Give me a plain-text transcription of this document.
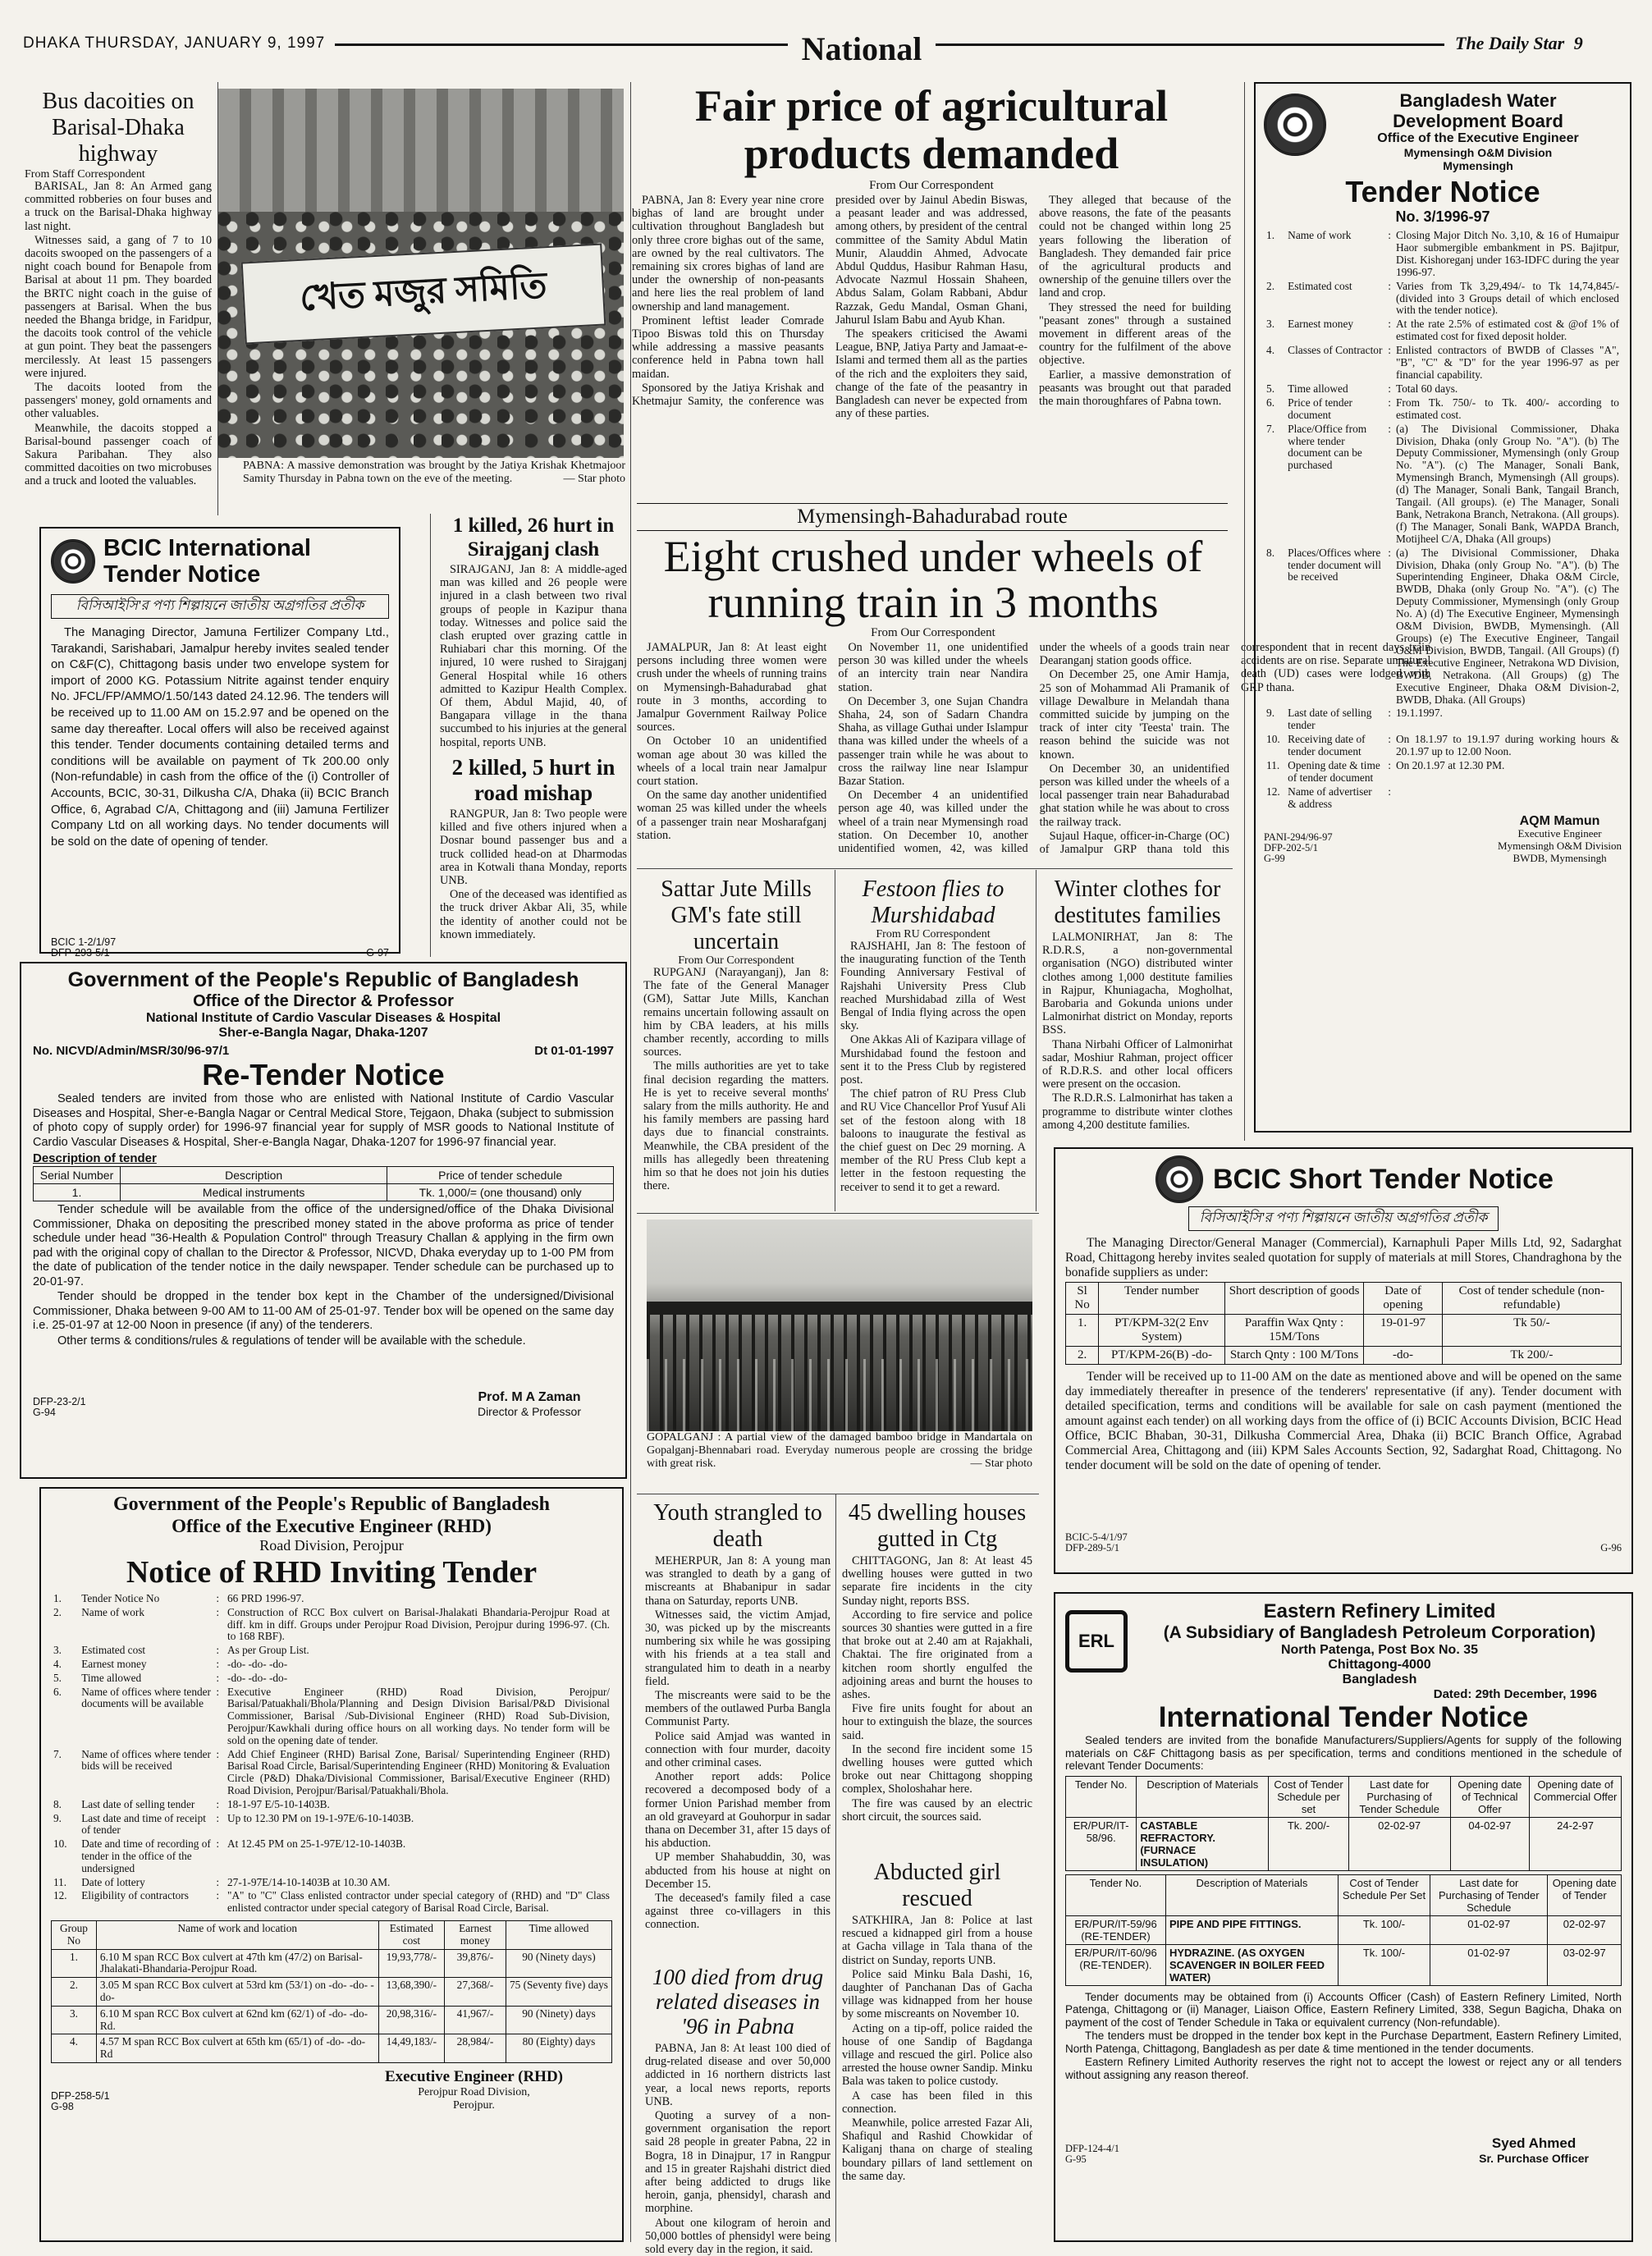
DHAKA THURSDAY, JANUARY 9, 1997	National	The Daily Star 9
Bus dacoities on Barisal-Dhaka highway
From Staff Correspondent

BARISAL, Jan 8: An Armed gang committed robberies on four buses and a truck on the Barisal-Dhaka highway last night.

Witnesses said, a gang of 7 to 10 dacoits swooped on the passengers of a night coach bound for Benapole from Barisal at about 11 pm. They boarded the BRTC night coach in the guise of passengers at Barisal. When the bus needed the Bhanga bridge, in Faridpur, the dacoits took control of the vehicle at gun point. They beat the passengers mercilessly. At least 15 passengers were injured.

The dacoits looted from the passengers' money, gold ornaments and other valuables.

Meanwhile, the dacoits stopped a Barisal-bound passenger coach of Sakura Paribahan. They also committed dacoities on two microbuses and a truck and looted the valuables.

খেত মজুর সমিতি
PABNA: A massive demonstration was brought by the Jatiya Krishak Khetmajoor Samity Thursday in Pabna town on the eve of the meeting.	— Star photo
Fair price of agricultural products demanded
From Our Correspondent

PABNA, Jan 8: Every year nine crore bighas of land are brought under cultivation throughout Bangladesh but only three crore bighas out of the same, are owned by the real cultivators. The remaining six crores bighas of land are under the ownership of non-peasants and here lies the real problem of land ownership and land management.

Prominent leftist leader Comrade Tipoo Biswas told this on Thursday while addressing a massive peasants conference held in Pabna town hall maidan.

Sponsored by the Jatiya Krishak and Khetmajur Samity, the conference was presided over by Jainul Abedin Biswas, a peasant leader and was addressed, among others, by president of the central committee of the Samity Abdul Matin Munir, Alauddin Ahmed, Advocate Abdul Quddus, Hasibur Rahman Hasu, Advocate Nazmul Hossain Shaheen, Abdus Salam, Golam Rabbani, Abdur Razzak, Gedu Mandal, Osman Ghani, Jahurul Islam Babu and Ayub Khan.

The speakers criticised the Awami League, BNP, Jatiya Party and Jamaat-e-Islami and termed them all as the parties of the rich and the exploiters they said, change of the fate of the peasantry in Bangladesh can never be expected from any of these parties.

They alleged that because of the above reasons, the fate of the peasants could not be changed within long 25 years following the liberation of Bangladesh. They demanded fair price of the agricultural products and ownership of the genuine tillers over the land and crop.

They stressed the need for building "peasant zones" through a sustained movement in different areas of the country for the fulfilment of the above objective.

Earlier, a massive demonstration of peasants was brought out that paraded the main thoroughfares of Pabna town.

BCIC International Tender Notice
বিসিআইসি'র পণ্য শিল্পায়নে জাতীয় অগ্রগতির প্রতীক
The Managing Director, Jamuna Fertilizer Company Ltd., Tarakandi, Sarishabari, Jamalpur hereby invites sealed tender on C&F(C), Chittagong basis under two envelope system for import of 2000 KG. Potassium Nitrite against tender enquiry No. JFCL/FP/AMMO/1.50/143 dated 24.12.96. The tenders will be received up to 11.00 AM on 15.2.97 and be opened on the same day thereafter. Local offers will also be received against this tender. Tender documents containing detailed terms and conditions will be available on payment of Tk 200.00 only (Non-refundable) in cash from the office of the (i) Controller of Accounts, BCIC, 30-31, Dilkusha C/A, Dhaka (ii) BCIC Branch Office, 6, Agrabad C/A, Chittagong and (iii) Jamuna Fertilizer Company Ltd on all working days. No tender documents will be sold on the date of opening of tender.
BCIC 1-2/1/97
DFP-293-5/1	G-97
1 killed, 26 hurt in Sirajganj clash

SIRAJGANJ, Jan 8: A middle-aged man was killed and 26 people were injured in a clash between two rival groups of people in Kazipur thana today. Witnesses and police said the clash erupted over grazing cattle in Ruhiabari char this morning. Of the injured, 10 were rushed to Sirajganj General Hospital while 16 others admitted to Kazipur Health Complex. Of them, Abdul Majid, 40, of Bangapara village in the thana succumbed to his injuries at the general hospital, reports UNB.

2 killed, 5 hurt in road mishap

RANGPUR, Jan 8: Two people were killed and five others injured when a Dosnar bound passenger bus and a truck collided head-on at Dharmodas area in Kotwali thana Monday, reports UNB.

One of the deceased was identified as the truck driver Akbar Ali, 35, while the identity of another could not be known immediately.

Mymensingh-Bahadurabad route
Eight crushed under wheels of running train in 3 months
From Our Correspondent

JAMALPUR, Jan 8: At least eight persons including three women were crush under the wheels of running trains on Mymensingh-Bahadurabad ghat route in 3 months, according to Jamalpur Government Railway Police sources.

On October 10 an unidentified woman age about 30 was killed the wheels of a local train near Jamalpur court station.

On the same day another unidentified woman 25 was killed under the wheels of a passenger train near Mosharafganj station.

On November 11, one unidentified person 30 was killed under the wheels of an intercity train near Nandira station.

On December 3, one Sujan Chandra Shaha, 24, son of Sadarn Chandra Shaha, as village Guthai under Islampur thana was killed under the wheels of a passenger train while he was about to cross the railway line near Islampur Bazar Station.

On December 4 an unidentified person age 40, was killed under the wheel of a train near Mymensingh road station. On December 10, another unidentified women, 42, was killed under the wheels of a goods train near Dearanganj station goods office.

On December 25, one Amir Hamja, 25 son of Mohammad Ali Pramanik of village Dewalbure in Melandah thana committed suicide by jumping on the track of inter city 'Teesta' train. The reason behind the suicide was not known.

On December 30, an unidentified person was killed under the wheels of a local passenger train near Bahadurabad ghat station while he was about to cross the railway track.

Sujaul Haque, officer-in-Charge (OC) of Jamalpur GRP thana told this correspondent that in recent days train accidents are on rise. Separate unnatural death (UD) cases were lodged with GRP thana.

Sattar Jute Mills GM's fate still uncertain
From Our Correspondent

RUPGANJ (Narayanganj), Jan 8: The fate of the General Manager (GM), Sattar Jute Mills, Kanchan remains uncertain following assault on him by CBA leaders, at his mills chamber recently, according to mills sources.

The mills authorities are yet to take final decision regarding the matters. He is yet to receive several months' salary from the mills authority. He and his family members are passing hard days due to financial constraints. Meanwhile, the CBA president of the mills has allegedly been threatening him so that he does not join his duties there.

Festoon flies to Murshidabad
From RU Correspondent

RAJSHAHI, Jan 8: The festoon of the inaugurating function of the Tenth Founding Anniversary Festival of Rajshahi University Press Club reached Murshidabad zilla of West Bengal of India flying across the open sky.

One Akkas Ali of Kazipara village of Murshidabad found the festoon and sent it to the Press Club by registered post.

The chief patron of RU Press Club and RU Vice Chancellor Prof Yusuf Ali set of the festoon along with 18 baloons to inaugurate the festival as the chief guest on Dec 29 morning. A member of the RU Press Club kept a letter in the festoon requesting the receiver to send it to get a reward.

Winter clothes for destitutes families

LALMONIRHAT, Jan 8: The R.D.R.S, a non-governmental organisation (NGO) distributed winter clothes among 1,000 destitute families in Rajpur, Khuniagacha, Mogholhat, Barobaria and Gokunda unions under Lalmonirhat district on Monday, reports BSS.

Thana Nirbahi Officer of Lalmonirhat sadar, Moshiur Rahman, project officer of R.D.R.S. and other local officers were present on the occasion.

The R.D.R.S. Lalmonirhat has taken a programme to distribute winter clothes among 4,200 destitute families.

GOPALGANJ : A partial view of the damaged bamboo bridge in Mandartala on Gopalganj-Bhennabari road. Everyday numerous people are crossing the bridge with great risk.	— Star photo
Government of the People's Republic of Bangladesh
Office of the Director & Professor
National Institute of Cardio Vascular Diseases & Hospital
Sher-e-Bangla Nagar, Dhaka-1207
No. NICVD/Admin/MSR/30/96-97/1	Dt 01-01-1997
Re-Tender Notice
Sealed tenders are invited from those who are enlisted with National Institute of Cardio Vascular Diseases and Hospital, Sher-e-Bangla Nagar or Central Medical Store, Tejgaon, Dhaka (subject to submission of photo copy of supply order) for 1996-97 financial year for supply of MSR goods to National Institute of Cardio Vascular Diseases & Hospital, Sher-e-Bangla Nagar, Dhaka-1207 for 1996-97 financial year.
Description of tender
Serial Number	Description	Price of tender schedule
1.	Medical instruments	Tk. 1,000/= (one thousand) only

Tender schedule will be available from the office of the undersigned/office of the Dhaka Divisional Commissioner, Dhaka on depositing the prescribed money stated in the above proforma as price of tender schedule under head "36-Health & Population Control" through Treasury Challan & applying in the firm own pad with the original copy of challan to the Director & Professor, NICVD, Dhaka everyday up to 1-00 PM from the date of publication of the tender notice in the daily newspaper. Tender schedule can be purchased up to 20-01-97.

Tender should be dropped in the tender box kept in the Chamber of the undersigned/Divisional Commissioner, Dhaka between 9-00 AM to 11-00 AM of 25-01-97. Tender box will be opened on the same day i.e. 25-01-97 at 12-00 Noon in presence (if any) of the tenderers.

Other terms & conditions/rules & regulations of tender will be available with the schedule.

DFP-23-2/1
G-94
Prof. M A Zaman
Director & Professor
Government of the People's Republic of Bangladesh
Office of the Executive Engineer (RHD)
Road Division, Perojpur
Notice of RHD Inviting Tender
1.	Tender Notice No	:	66 PRD 1996-97.
2.	Name of work	:	Construction of RCC Box culvert on Barisal-Jhalakati Bhandaria-Perojpur Road at diff. km in diff. Groups under Perojpur Road Division, Perojpur during 1996-97. (Ch. to 168 RBF).
3.	Estimated cost	:	As per Group List.
4.	Earnest money	:	-do- -do- -do-
5.	Time allowed	:	-do- -do- -do-
6.	Name of offices where tender documents will be available	:	Executive Engineer (RHD) Road Division, Perojpur/ Barisal/Patuakhali/Bhola/Planning and Design Division Barisal/P&D Divisional Commissioner, Barisal /Sub-Divisional Engineer (RHD) Road Sub-Division, Perojpur/Kawkhali during office hours on all working days. No tender form will be sold on the opening date of tender.
7.	Name of offices where tender bids will be received	:	Add Chief Engineer (RHD) Barisal Zone, Barisal/ Superintending Engineer (RHD) Barisal Road Circle, Barisal/Superintending Engineer (RHD) Monitoring & Evaluation Circle (P&D) Dhaka/Divisional Commissioner, Barisal/Executive Engineer (RHD) Road Division, Perojpur/Barisal/Patuakhali/Bhola.
8.	Last date of selling tender	:	18-1-97 E/5-10-1403B.
9.	Last date and time of receipt of tender	:	Up to 12.30 PM on 19-1-97E/6-10-1403B.
10.	Date and time of recording of tender in the office of the undersigned	:	At 12.45 PM on 25-1-97E/12-10-1403B.
11.	Date of lottery	:	27-1-97E/14-10-1403B at 10.30 AM.
12.	Eligibility of contractors	:	"A" to "C" Class enlisted contractor under special category of (RHD) and "D" Class enlisted contractor under special category of Barisal Road Circle, Barisal.
Group No	Name of work and location	Estimated cost	Earnest money	Time allowed
1.	6.10 M span RCC Box culvert at 47th km (47/2) on Barisal-Jhalakati-Bhandaria-Perojpur Road.	19,93,778/-	39,876/-	90 (Ninety days)
2.	3.05 M span RCC Box culvert at 53rd km (53/1) on -do- -do- -do-	13,68,390/-	27,368/-	75 (Seventy five) days
3.	6.10 M span RCC Box culvert at 62nd km (62/1) of -do- -do- Rd.	20,98,316/-	41,967/-	90 (Ninety) days
4.	4.57 M span RCC Box culvert at 65th km (65/1) of -do- -do- Rd	14,49,183/-	28,984/-	80 (Eighty) days
DFP-258-5/1
G-98
Executive Engineer (RHD)
Perojpur Road Division,
Perojpur.
Youth strangled to death

MEHERPUR, Jan 8: A young man was strangled to death by a gang of miscreants at Bhabanipur in sadar thana on Saturday, reports UNB.

Witnesses said, the victim Amjad, 30, was picked up by the miscreants numbering six while he was gossiping with his friends at a tea stall and strangulated him to death in a nearby field.

The miscreants were said to be the members of the outlawed Purba Bangla Communist Party.

Police said Amjad was wanted in connection with four murder, dacoity and other criminal cases.

Another report adds: Police recovered a decomposed body of a former Union Parishad member from an old graveyard at Gouhorpur in sadar thana on December 31, after 15 days of his abduction.

UP member Shahabuddin, 30, was abducted from his house at night on December 15.

The deceased's family filed a case against three co-villagers in this connection.

100 died from drug related diseases in '96 in Pabna

PABNA, Jan 8: At least 100 died of drug-related disease and over 50,000 addicted in 16 northern districts last year, a local news reports, reports UNB.

Quoting a survey of a non-government organisation the report said 28 people in greater Pabna, 22 in Bogra, 18 in Dinajpur, 17 in Rangpur and 15 in greater Rajshahi district died after being addicted to drugs like heroin, ganja, phensidyl, charash and morphine.

About one kilogram of heroin and 50,000 bottles of phensidyl were being sold every day in the region, it said.

45 dwelling houses gutted in Ctg

CHITTAGONG, Jan 8: At least 45 dwelling houses were gutted in two separate fire incidents in the city Sunday night, reports BSS.

According to fire service and police sources 30 shanties were gutted in a fire that broke out at 2.40 am at Rajakhali, Chaktai. The fire originated from a kitchen room shortly engulfed the adjoining areas and burnt the houses to ashes.

Five fire units fought for about an hour to extinguish the blaze, the sources said.

In the second fire incident some 15 dwelling houses were gutted which broke out near Chittagong shopping complex, Sholoshahar here.

The fire was caused by an electric short circuit, the sources said.

Abducted girl rescued

SATKHIRA, Jan 8: Police at last rescued a kidnapped girl from a house at Gacha village in Tala thana of the district on Sunday, reports UNB.

Police said Minku Bala Dashi, 16, daughter of Panchanan Das of Gacha village was kidnapped from her house by some miscreants on November 10.

Acting on a tip-off, police raided the house of one Sandip of Bagdanga village and rescued the girl. Police also arrested the house owner Sandip. Minku Bala was taken to police custody.

A case has been filed in this connection.

Meanwhile, police arrested Fazar Ali, Shafiqul and Rashid Chowkidar of Kaliganj thana on charge of stealing boundary pillars of land settlement on the same day.

Bangladesh Water
Development Board
Office of the Executive Engineer
Mymensingh O&M Division
Mymensingh
Tender Notice
No. 3/1996-97
1.	Name of work	:	Closing Major Ditch No. 3,10, & 16 of Humaipur Haor submergible embankment in PS. Bajitpur, Dist. Kishoreganj under 163-IDFC during the year 1996-97.
2.	Estimated cost	:	Varies from Tk 3,29,494/- to Tk 14,74,845/- (divided into 3 Groups detail of which enclosed with the tender notice).
3.	Earnest money	:	At the rate 2.5% of estimated cost & @of 1% of estimated cost for fixed deposit holder.
4.	Classes of Contractor	:	Enlisted contractors of BWDB of Classes "A", "B", "C" & "D" for the year 1996-97 as per financial capability.
5.	Time allowed	:	Total 60 days.
6.	Price of tender document	:	From Tk. 750/- to Tk. 400/- according to estimated cost.
7.	Place/Office from where tender document can be purchased	:	(a) The Divisional Commissioner, Dhaka Division, Dhaka (only Group No. "A"). (b) The Deputy Commissioner, Mymensingh (only Group No. "A"). (c) The Manager, Sonali Bank, Mymensingh Branch, Mymensingh (All groups). (d) The Manager, Sonali Bank, Tangail Branch, Tangail. (All groups). (e) The Manager, Sonali Bank, Netrakona Branch, Netrakona. (All groups). (f) The Manager, Sonali Bank, WAPDA Branch, Motijheel C/A, Dhaka (All groups)
8.	Places/Offices where tender document will be received	:	(a) The Divisional Commissioner, Dhaka Division, Dhaka (only Group No. "A"). (b) The Superintending Engineer, Dhaka O&M Circle, BWDB, Dhaka (only Group No. "A"). (c) The Deputy Commissioner, Mymensingh (only Group No. A) (d) The Executive Engineer, Mymensingh O&M Division, BWDB, Mymensingh. (All Groups) (e) The Executive Engineer, Tangail O&M Division, BWDB, Tangail. (All Groups) (f) The Executive Engineer, Netrakona WD Division, BWDB, Netrakona. (All Groups) (g) The Executive Engineer, Dhaka O&M Division-2, BWDB, Dhaka. (All Groups)
9.	Last date of selling tender	:	19.1.1997.
10.	Receiving date of tender document	:	On 18.1.97 to 19.1.97 during working hours & 20.1.97 up to 12.00 Noon.
11.	Opening date & time of tender document	:	On 20.1.97 at 12.30 PM.
12.	Name of advertiser & address	:	
PANI-294/96-97
DFP-202-5/1
G-99
AQM Mamun
Executive Engineer
Mymensingh O&M Division
BWDB, Mymensingh
BCIC Short Tender Notice
বিসিআইসি'র পণ্য শিল্পায়নে জাতীয় অগ্রগতির প্রতীক
The Managing Director/General Manager (Commercial), Karnaphuli Paper Mills Ltd, 92, Sadarghat Road, Chittagong hereby invites sealed quotation for supply of materials at mill Stores, Chandraghona by the bonafide suppliers as under:
Sl No	Tender number	Short description of goods	Date of opening	Cost of tender schedule (non-refundable)
1.	PT/KPM-32(2 Env System)	Paraffin Wax Qnty : 15M/Tons	19-01-97	Tk 50/-
2.	PT/KPM-26(B) -do-	Starch Qnty : 100 M/Tons	-do-	Tk 200/-
Tender will be received up to 11-00 AM on the date as mentioned above and will be opened on the same day immediately thereafter in presence of the tenderers' representative (if any). Tender document with detailed specification, terms and conditions will be available for sale on cash payment (mentioned the amount against each tender) on all working days from the office of (i) BCIC Accounts Division, BCIC Head Office, BCIC Bhaban, 30-31, Dilkusha Commercial Area, Dhaka (ii) BCIC Branch Office, Agrabad Commercial Area, Chittagong and (iii) KPM Sales Accounts Section, 92, Sadarghat Road, Chittagong. No tender document will be sold on the date of opening of tender.
BCIC-5-4/1/97
DFP-289-5/1	G-96
ERL
Eastern Refinery Limited
(A Subsidiary of Bangladesh Petroleum Corporation)
North Patenga, Post Box No. 35
Chittagong-4000
Bangladesh
Dated: 29th December, 1996
International Tender Notice
Sealed tenders are invited from the bonafide Manufacturers/Suppliers/Agents for supply of the following materials on C&F Chittagong basis as per specification, terms and conditions mentioned in the schedule of relevant Tender Documents:
Tender No.	Description of Materials	Cost of Tender Schedule per set	Last date for Purchasing of Tender Schedule	Opening date of Technical Offer	Opening date of Commercial Offer
ER/PUR/IT-58/96.	CASTABLE REFRACTORY. (FURNACE INSULATION)	Tk. 200/-	02-02-97	04-02-97	24-2-97
Tender No.	Description of Materials	Cost of Tender Schedule Per Set	Last date for Purchasing of Tender Schedule	Opening date of Tender
ER/PUR/IT-59/96 (RE-TENDER)	PIPE AND PIPE FITTINGS.	Tk. 100/-	01-02-97	02-02-97
ER/PUR/IT-60/96 (RE-TENDER).	HYDRAZINE. (AS OXYGEN SCAVENGER IN BOILER FEED WATER)	Tk. 100/-	01-02-97	03-02-97

Tender documents may be obtained from (i) Accounts Officer (Cash) of Eastern Refinery Limited, North Patenga, Chittagong or (ii) Manager, Liaison Office, Eastern Refinery Limited, 338, Segun Bagicha, Dhaka on payment of the cost of Tender Schedule in Taka or equivalent currency (Non-refundable).

The tenders must be dropped in the tender box kept in the Purchase Department, Eastern Refinery Limited, North Patenga, Chittagong, Bangladesh as per date & time mentioned in the tender documents.

Eastern Refinery Limited Authority reserves the right not to accept the lowest or reject any or all tenders without assigning any reason thereof.

DFP-124-4/1
G-95
Syed Ahmed
Sr. Purchase Officer
